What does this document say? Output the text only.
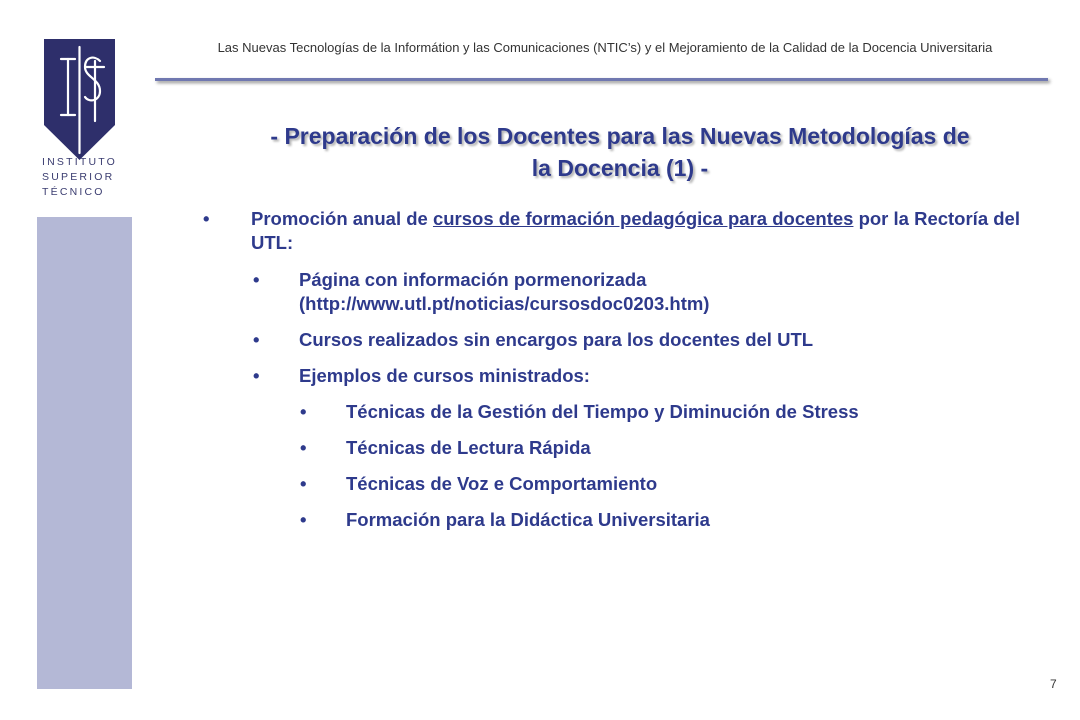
INSTITUTO
SUPERIOR
TÉCNICO
Las Nuevas Tecnologías de la Informátion y las Comunicaciones (NTIC’s) y el Mejoramiento de la Calidad de la Docencia Universitaria
- Preparación de los Docentes para las Nuevas Metodologías de
la Docencia (1) -
• Promoción anual de cursos de formación pedagógica para docentes por la Rectoría del UTL:
• Página con información pormenorizada (http://www.utl.pt/noticias/cursosdoc0203.htm)
• Cursos realizados sin encargos para los docentes del UTL
• Ejemplos de cursos ministrados:
• Técnicas de la Gestión del Tiempo y Diminución de Stress
• Técnicas de Lectura Rápida
• Técnicas de Voz e Comportamiento
• Formación para la Didáctica Universitaria
7
